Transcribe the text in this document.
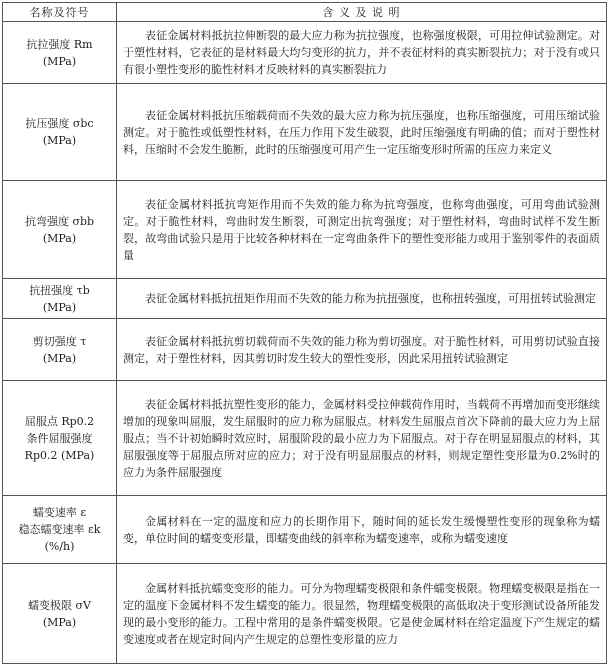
名称及符号	含 义 及 说 明

抗拉强度 Rm
(MPa)	表征金属材料抵抗拉伸断裂的最大应力称为抗拉强度，也称强度极限，可用拉伸试验测定。对于塑性材料，它表征的是材料最大均匀变形的抗力，并不表征材料的真实断裂抗力；对于没有或只有很小塑性变形的脆性材料才反映材料的真实断裂抗力

抗压强度 σbc
(MPa)	表征金属材料抵抗压缩载荷而不失效的最大应力称为抗压强度，也称压缩强度，可用压缩试验测定。对于脆性或低塑性材料，在压力作用下发生破裂，此时压缩强度有明确的值；而对于塑性材料，压缩时不会发生脆断，此时的压缩强度可用产生一定压缩变形时所需的压应力来定义

抗弯强度 σbb
(MPa)	表征金属材料抵抗弯矩作用而不失效的能力称为抗弯强度，也称弯曲强度，可用弯曲试验测定。对于脆性材料，弯曲时发生断裂，可测定出抗弯强度；对于塑性材料，弯曲时试样不发生断裂，故弯曲试验只是用于比较各种材料在一定弯曲条件下的塑性变形能力或用于鉴别零件的表面质量

抗扭强度 τb
(MPa)	表征金属材料抵抗扭矩作用而不失效的能力称为抗扭强度，也称扭转强度，可用扭转试验测定

剪切强度 τ
(MPa)	表征金属材料抵抗剪切载荷而不失效的能力称为剪切强度。对于脆性材料，可用剪切试验直接测定，对于塑性材料，因其剪切时发生较大的塑性变形，因此采用扭转试验测定

屈服点 Rp0.2
条件屈服强度
Rp0.2 (MPa)	表征金属材料抵抗塑性变形的能力，金属材料受拉伸载荷作用时，当载荷不再增加而变形继续增加的现象叫屈服，发生屈服时的应力称为屈服点。材料发生屈服点首次下降前的最大应力为上屈服点；当不计初始瞬时效应时，屈服阶段的最小应力为下屈服点。对于存在明显屈服点的材料，其屈服强度等于屈服点所对应的应力；对于没有明显屈服点的材料，则规定塑性变形量为0.2%时的应力为条件屈服强度

蠕变速率 ε
稳态蠕变速率 εk
(%/h)	金属材料在一定的温度和应力的长期作用下，随时间的延长发生缓慢塑性变形的现象称为蠕变，单位时间的蠕变变形量，即蠕变曲线的斜率称为蠕变速率，或称为蠕变速度

蠕变极限 σV
(MPa)	金属材料抵抗蠕变变形的能力。可分为物理蠕变极限和条件蠕变极限。物理蠕变极限是指在一定的温度下金属材料不发生蠕变的能力。很显然，物理蠕变极限的高低取决于变形测试设备所能发现的最小变形的能力。工程中常用的是条件蠕变极限。它是使金属材料在给定温度下产生规定的蠕变速度或者在规定时间内产生规定的总塑性变形量的应力
